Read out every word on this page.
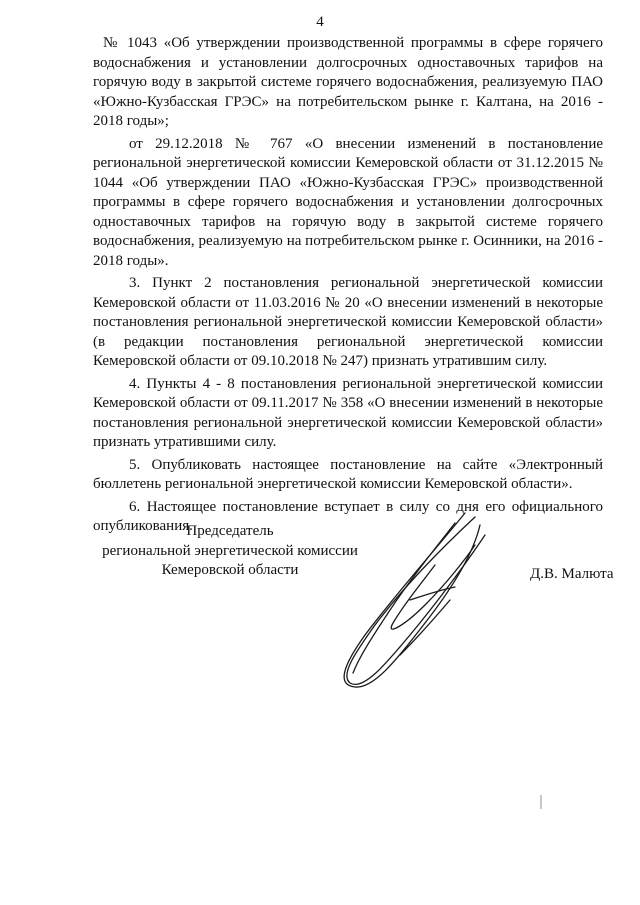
4

№ 1043 «Об утверждении производственной программы в сфере горячего водоснабжения и установлении долгосрочных одноставочных тарифов на горячую воду в закрытой системе горячего водоснабжения, реализуемую ПАО «Южно-Кузбасская ГРЭС» на потребительском рынке г. Калтана, на 2016 - 2018 годы»;

от 29.12.2018 № 767 «О внесении изменений в постановление региональной энергетической комиссии Кемеровской области от 31.12.2015 № 1044 «Об утверждении ПАО «Южно-Кузбасская ГРЭС» производственной программы в сфере горячего водоснабжения и установлении долгосрочных одноставочных тарифов на горячую воду в закрытой системе горячего водоснабжения, реализуемую на потребительском рынке г. Осинники, на 2016 - 2018 годы».

3. Пункт 2 постановления региональной энергетической комиссии Кемеровской области от 11.03.2016 № 20 «О внесении изменений в некоторые постановления региональной энергетической комиссии Кемеровской области» (в редакции постановления региональной энергетической комиссии Кемеровской области от 09.10.2018 № 247) признать утратившим силу.

4. Пункты 4 - 8 постановления региональной энергетической комиссии Кемеровской области от 09.11.2017 № 358 «О внесении изменений в некоторые постановления региональной энергетической комиссии Кемеровской области» признать утратившими силу.

5. Опубликовать настоящее постановление на сайте «Электронный бюллетень региональной энергетической комиссии Кемеровской области».

6. Настоящее постановление вступает в силу со дня его официального опубликования.

Председатель
региональной энергетической комиссии
Кемеровской области	Д.В. Малюта
